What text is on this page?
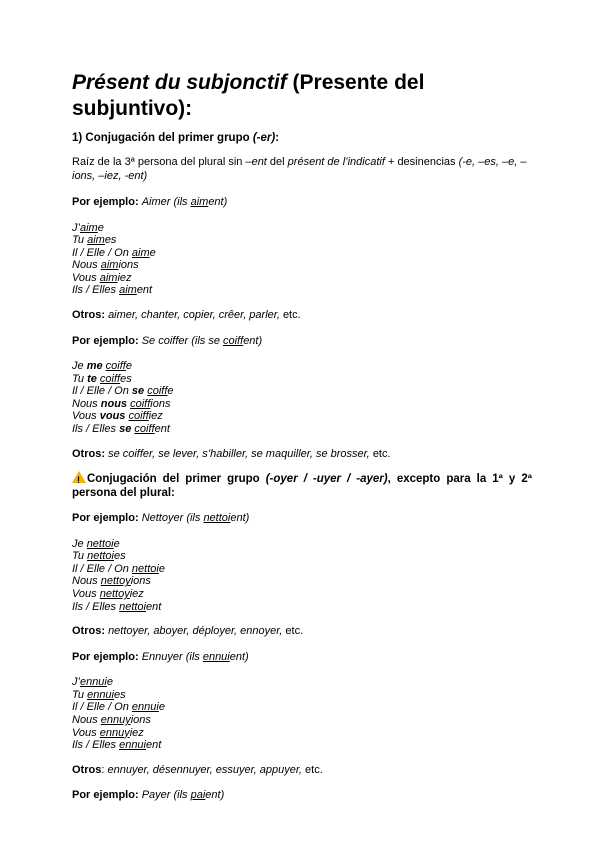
Présent du subjonctif (Presente del subjuntivo):

1) Conjugación del primer grupo (-er):

Raíz de la 3ª persona del plural sin –ent del présent de l’indicatif + desinencias (-e, –es, –e, –ions, –iez, -ent)

Por ejemplo: Aimer (ils aiment)

J’aime
Tu aimes
Il / Elle / On aime
Nous aimions
Vous aimiez
Ils / Elles aiment

Otros: aimer, chanter, copier, crêer, parler, etc.

Por ejemplo: Se coiffer (ils se coiffent)

Je me coiffe
Tu te coiffes
Il / Elle / On se coiffe
Nous nous coiffions
Vous vous coiffiez
Ils / Elles se coiffent

Otros: se coiffer, se lever, s’habiller, se maquiller, se brosser, etc.

!Conjugación del primer grupo (-oyer / -uyer / -ayer), excepto para la 1ª y 2ª persona del plural:

Por ejemplo: Nettoyer (ils nettoient)

Je nettoie
Tu nettoies
Il / Elle / On nettoie
Nous nettoyions
Vous nettoyiez
Ils / Elles nettoient

Otros: nettoyer, aboyer, déployer, ennoyer, etc.

Por ejemplo: Ennuyer (ils ennuient)

J’ennuie
Tu ennuies
Il / Elle / On ennuie
Nous ennuyions
Vous ennuyiez
Ils / Elles ennuient

Otros: ennuyer, désennuyer, essuyer, appuyer, etc.

Por ejemplo: Payer (ils paient)
